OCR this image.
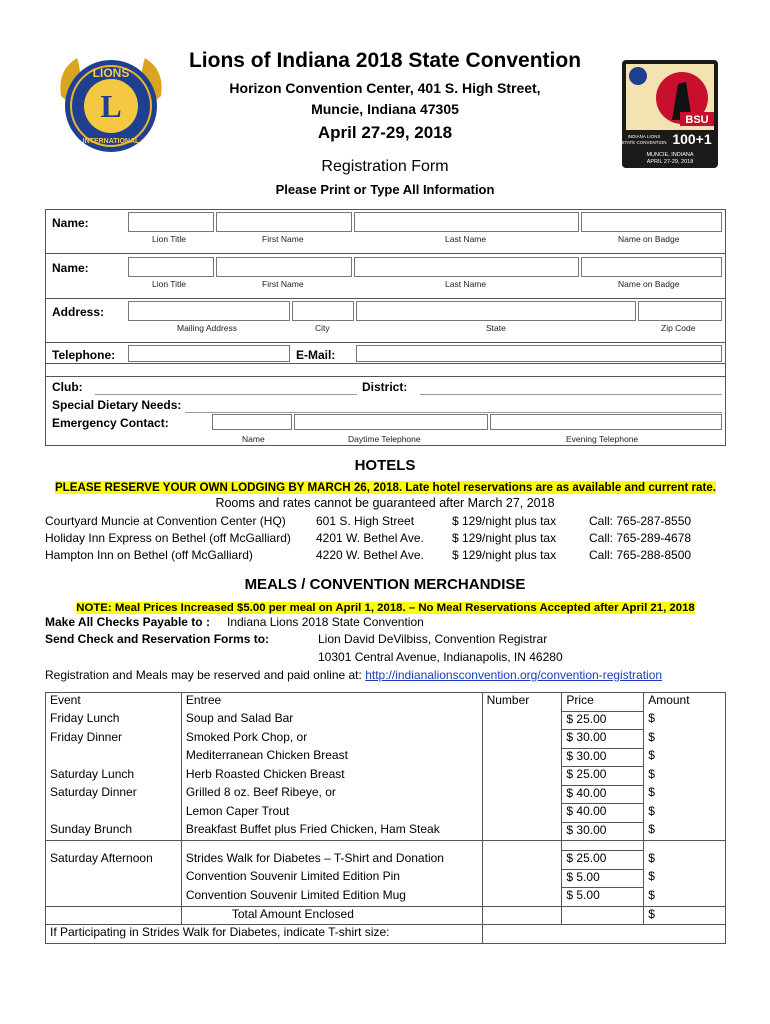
L
LIONS
INTERNATIONAL
BSU
100+1
INDIANA LIONS
STATE CONVENTION
MUNCIE, INDIANA
APRIL 27-29, 2018
Lions of Indiana 2018 State Convention
Horizon Convention Center, 401 S. High Street,
Muncie, Indiana 47305
April 27-29, 2018
Registration Form
Please Print or Type All Information
Name:
Lion Title	First Name	Last Name	Name on Badge
Name:
Lion Title	First Name	Last Name	Name on Badge
Address:
Mailing Address	City	State	Zip Code
Telephone:	E-Mail:
Club:	District:
Special Dietary Needs:
Emergency Contact:
Name	Daytime Telephone	Evening Telephone
HOTELS
PLEASE RESERVE YOUR OWN LODGING BY MARCH 26, 2018. Late hotel reservations are as available and current rate.
Rooms and rates cannot be guaranteed after March 27, 2018
Courtyard Muncie at Convention Center (HQ)	601 S. High Street	$ 129/night plus tax	Call: 765-287-8550
Holiday Inn Express on Bethel (off McGalliard) 4201 W. Bethel Ave. $ 129/night plus tax	Call: 765-289-4678
Hampton Inn on Bethel (off McGalliard)	4220 W. Bethel Ave. $ 129/night plus tax	Call: 765-288-8500
MEALS / CONVENTION MERCHANDISE
NOTE: Meal Prices Increased $5.00 per meal on April 1, 2018. – No Meal Reservations Accepted after April 21, 2018
Make All Checks Payable to : Indiana Lions 2018 State Convention
Send Check and Reservation Forms to:	Lion David DeVilbiss, Convention Registrar
10301 Central Avenue, Indianapolis, IN 46280
Registration and Meals may be reserved and paid online at: http://indianalionsconvention.org/convention-registration
Event	Entree	Number	Price	Amount
Friday Lunch	Soup and Salad Bar		$ 25.00	$
Friday Dinner	Smoked Pork Chop, or		$ 30.00	$
	Mediterranean Chicken Breast		$ 30.00	$
Saturday Lunch	Herb Roasted Chicken Breast		$ 25.00	$
Saturday Dinner	Grilled 8 oz. Beef Ribeye, or		$ 40.00	$
	Lemon Caper Trout		$ 40.00	$
Sunday Brunch	Breakfast Buffet plus Fried Chicken, Ham Steak		$ 30.00	$

Saturday Afternoon	Strides Walk for Diabetes – T-Shirt and Donation		$ 25.00	$
	Convention Souvenir Limited Edition Pin		$ 5.00	$
	Convention Souvenir Limited Edition Mug		$ 5.00	$
	Total Amount Enclosed			$
If Participating in Strides Walk for Diabetes, indicate T-shirt size:				
